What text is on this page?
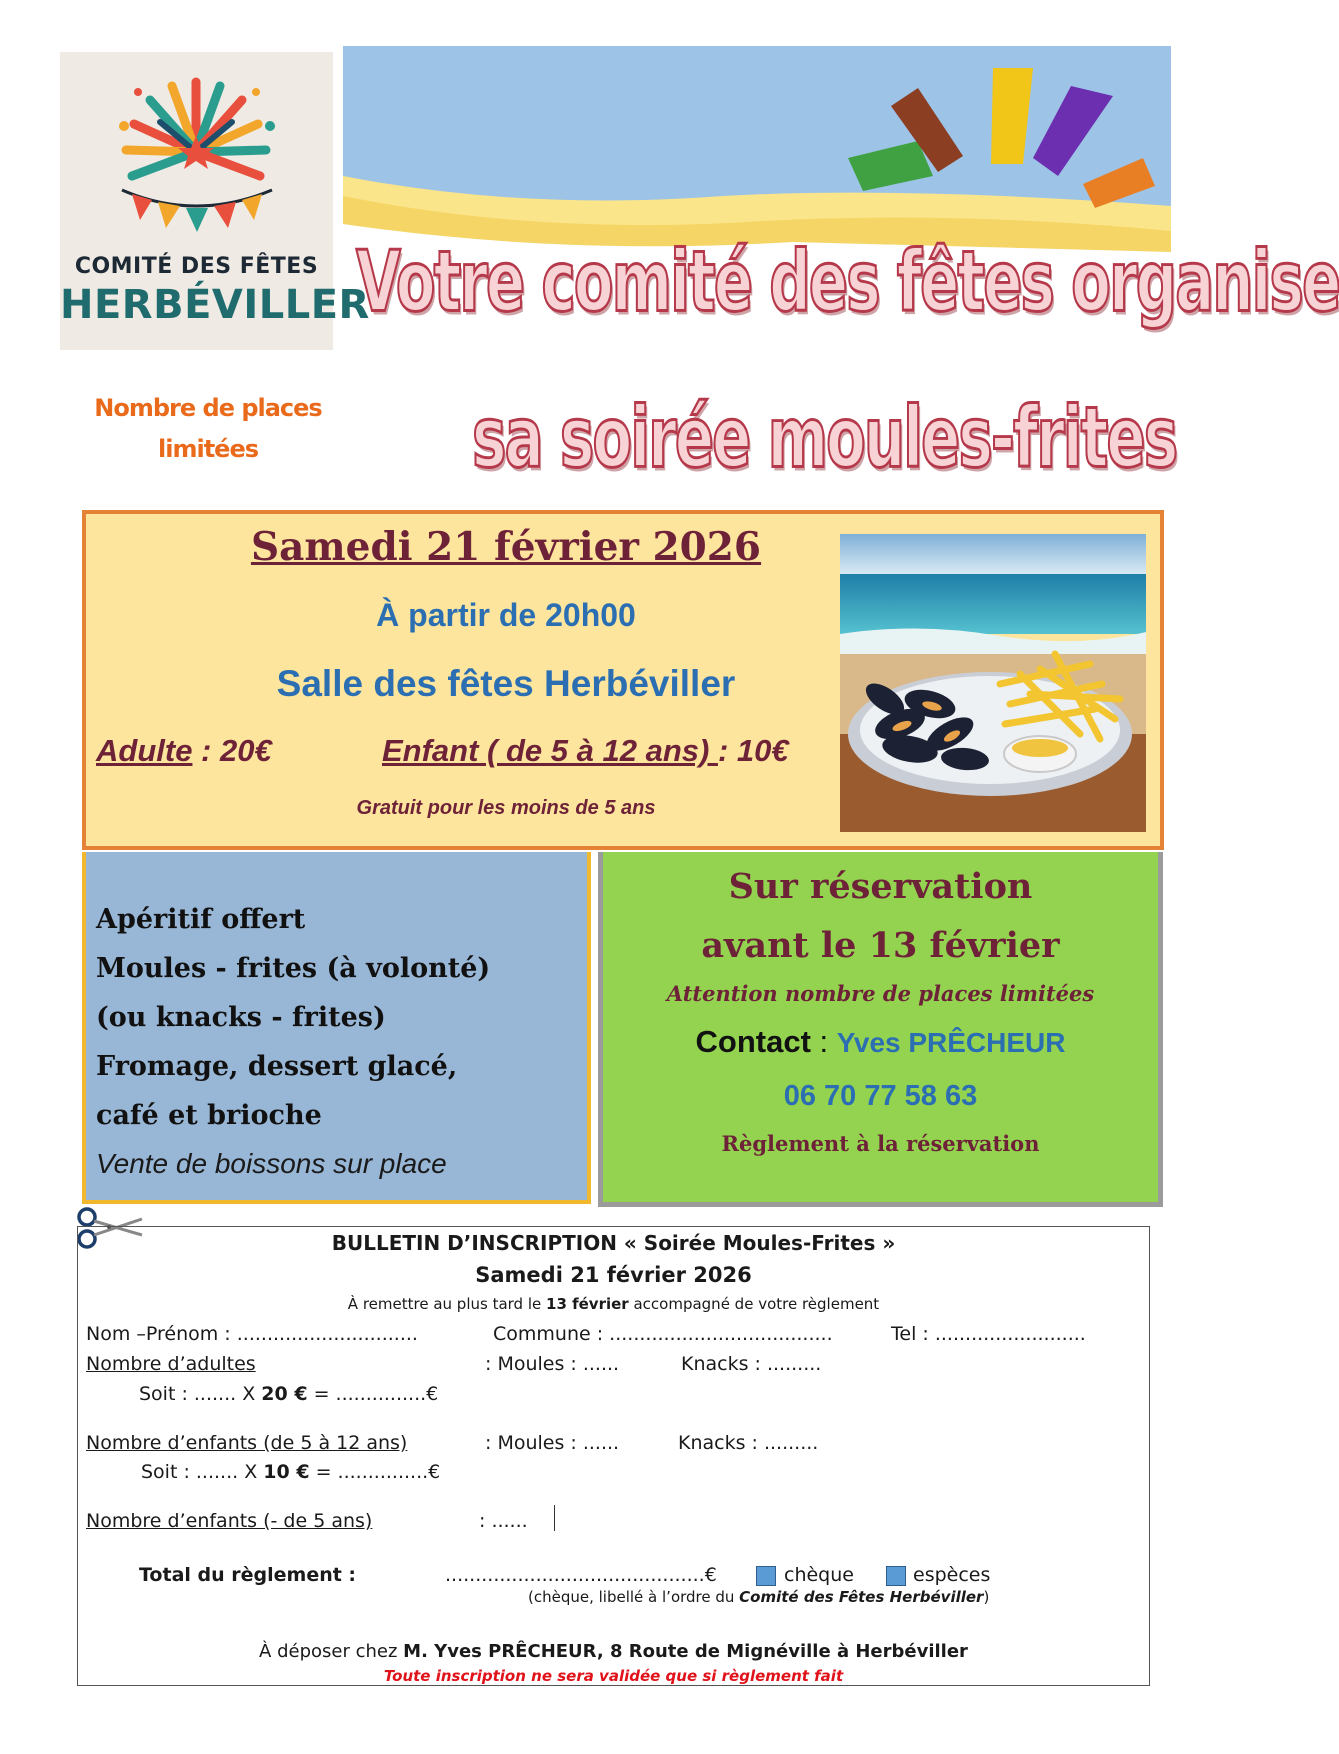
COMITÉ DES FÊTES
HERBÉVILLER
Votre comité des fêtes organise
sa soirée moules-frites
Nombre de places
limitées
Samedi 21 février 2026
À partir de 20h00
Salle des fêtes Herbéviller
Adulte : 20€	Enfant ( de 5 à 12 ans) : 10€
Gratuit pour les moins de 5 ans
Apéritif offert
Moules - frites (à volonté)
(ou knacks - frites)
Fromage, dessert glacé,
café et brioche
Vente de boissons sur place
Sur réservation
avant le 13 février
Attention nombre de places limitées
Contact : Yves PRÊCHEUR
06 70 77 58 63
Règlement à la réservation
BULLETIN D’INSCRIPTION « Soirée Moules-Frites »
Samedi 21 février 2026
À remettre au plus tard le 13 février accompagné de votre règlement
Nom –Prénom : ..............................	Commune : .....................................	Tel : .........................
Nombre d’adultes	: Moules : ......	Knacks : .........
Soit : ....... X 20 € = ...............€
Nombre d’enfants (de 5 à 12 ans)	: Moules : ......	Knacks : .........
Soit : ....... X 10 € = ...............€
Nombre d’enfants (- de 5 ans)	: ......
Total du règlement :	...........................................€	chèque	espèces
(chèque, libellé à l’ordre du Comité des Fêtes Herbéviller)
À déposer chez M. Yves PRÊCHEUR, 8 Route de Mignéville à Herbéviller
Toute inscription ne sera validée que si règlement fait
